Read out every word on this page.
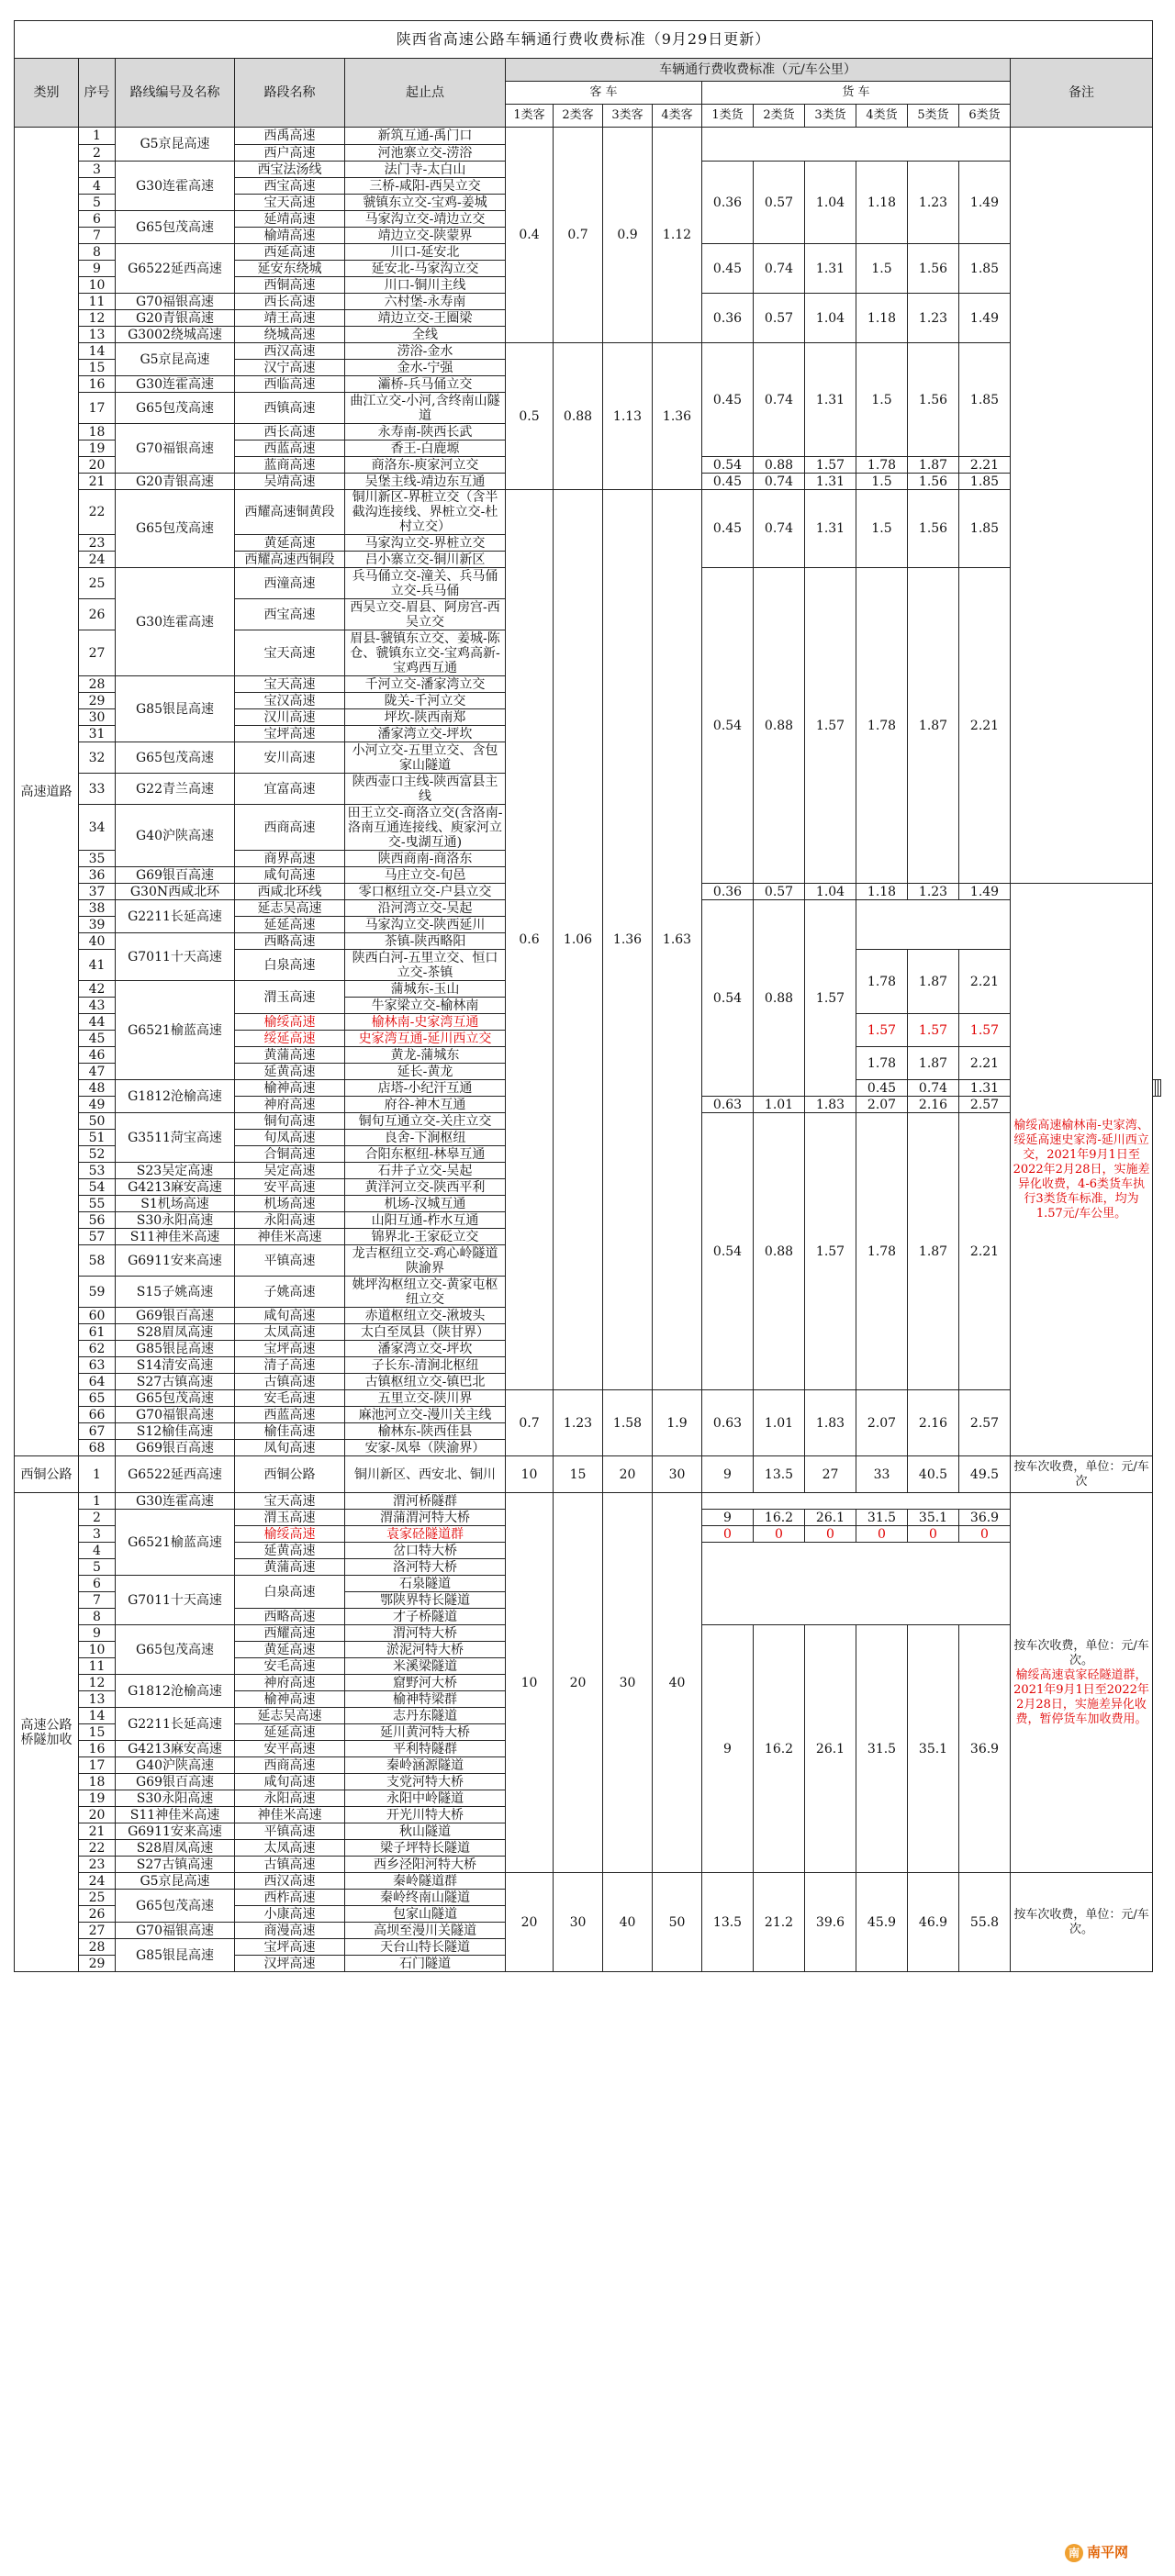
陕西省高速公路车辆通行费收费标准（9月29日更新）																		
类别	序号	路线编号及名称	路段名称	起止点	车辆通行费收费标准（元/车公里）										备注			
					客 车				货 车									
					1类客	2类客	3类客	4类客	1类货	2类货	3类货	4类货	5类货	6类货				
高速道路	1	G5京昆高速	西禹高速	新筑互通-禹门口	0.4	0.7	0.9	1.12										
	2		西户高速	河池寨立交-涝浴														
	3	G30连霍高速	西宝法汤线	法门寺-太白山					0.36	0.57	1.04	1.18	1.23	1.49				
	4		西宝高速	三桥-咸阳-西吴立交														
	5		宝天高速	虢镇东立交-宝鸡-姜城														
	6	G65包茂高速	延靖高速	马家沟立交-靖边立交														
	7		榆靖高速	靖边立交-陕蒙界														
	8	G6522延西高速	西延高速	川口-延安北					0.45	0.74	1.31	1.5	1.56	1.85				
	9		延安东绕城	延安北-马家沟立交														
	10		西铜高速	川口-铜川主线														
	11	G70福银高速	西长高速	六村堡-永寿南					0.36	0.57	1.04	1.18	1.23	1.49				
	12	G20青银高速	靖王高速	靖边立交-王圈梁														
	13	G3002绕城高速	绕城高速	全线														
	14	G5京昆高速	西汉高速	涝浴-金水	0.5	0.88	1.13	1.36	0.45	0.74	1.31	1.5	1.56	1.85				
	15		汉宁高速	金水-宁强														
	16	G30连霍高速	西临高速	灞桥-兵马俑立交														
	17	G65包茂高速	西镇高速	曲江立交-小河,含终南山隧道														
	18	G70福银高速	西长高速	永寿南-陕西长武														
	19		西蓝高速	香王-白鹿塬														
	20		蓝商高速	商洛东-庾家河立交					0.54	0.88	1.57	1.78	1.87	2.21				
	21	G20青银高速	吴靖高速	吴堡主线-靖边东互通					0.45	0.74	1.31	1.5	1.56	1.85				
	22	G65包茂高速	西耀高速铜黄段	铜川新区-界桩立交（含半截沟连接线、界桩立交-杜村立交）	0.6	1.06	1.36	1.63	0.45	0.74	1.31	1.5	1.56	1.85				
	23		黄延高速	马家沟立交-界桩立交														
	24		西耀高速西铜段	吕小寨立交-铜川新区														
	25	G30连霍高速	西潼高速	兵马俑立交-潼关、兵马俑立交-兵马俑					0.54	0.88	1.57	1.78	1.87	2.21				
	26		西宝高速	西吴立交-眉县、阿房宫-西吴立交														
	27		宝天高速	眉县-虢镇东立交、姜城-陈仓、虢镇东立交-宝鸡高新-宝鸡西互通														
	28	G85银昆高速	宝天高速	千河立交-潘家湾立交														
	29		宝汉高速	陇关-千河立交														
	30		汉川高速	坪坎-陕西南郑														
	31		宝坪高速	潘家湾立交-坪坎														
	32	G65包茂高速	安川高速	小河立交-五里立交、含包家山隧道														
	33	G22青兰高速	宜富高速	陕西壶口主线-陕西富县主线														
	34	G40沪陕高速	西商高速	田王立交-商洛立交(含洛南-洛南互通连接线、庾家河立交-曳湖互通)														
	35		商界高速	陕西商南-商洛东														
	36	G69银百高速	咸旬高速	马庄立交-旬邑														
	37	G30N西咸北环	西咸北环线	零口枢纽立交-户县立交					0.36	0.57	1.04	1.18	1.23	1.49	榆绥高速榆林南-史家湾、绥延高速史家湾-延川西立交，2021年9月1日至2022年2月28日，实施差异化收费，4-6类货车执行3类货车标准，均为1.57元/车公里。			
	38	G2211长延高速	延志吴高速	沿河湾立交-吴起					0.54	0.88	1.57							
	39		延延高速	马家沟立交-陕西延川														
	40	G7011十天高速	西略高速	茶镇-陕西略阳														
	41		白泉高速	陕西白河-五里立交、恒口立交-茶镇								1.78	1.87	2.21				
	42	G6521榆蓝高速	渭玉高速	蒲城东-玉山														
	43			牛家梁立交-榆林南														
	44		榆绥高速	榆林南-史家湾互通								1.57	1.57	1.57				
	45		绥延高速	史家湾互通-延川西立交														
	46		黄蒲高速	黄龙-蒲城东								1.78	1.87	2.21				
	47		延黄高速	延长-黄龙														
	48	G1812沧榆高速	榆神高速	店塔-小纪汗互通								0.45	0.74	1.31			
	49		神府高速	府谷-神木互通					0.63	1.01	1.83	2.07	2.16	2.57				
	50	G3511菏宝高速	铜旬高速	铜旬互通立交-关庄立交					0.54	0.88	1.57	1.78	1.87	2.21				
	51		旬凤高速	良舍-下涧枢纽														
	52		合铜高速	合阳东枢纽-林皋互通														
	53	S23吴定高速	吴定高速	石井子立交-吴起														
	54	G4213麻安高速	安平高速	黄洋河立交-陕西平利														
	55	S1机场高速	机场高速	机场-汉城互通														
	56	S30永阳高速	永阳高速	山阳互通-柞水互通														
	57	S11神佳米高速	神佳米高速	锦界北-王家砭立交														
	58	G6911安来高速	平镇高速	龙吉枢纽立交-鸡心岭隧道陕渝界														
	59	S15子姚高速	子姚高速	姚坪沟枢纽立交-黄家屯枢纽立交														
	60	G69银百高速	咸旬高速	赤道枢纽立交-湫坡头														
	61	S28眉凤高速	太凤高速	太白至凤县（陕甘界）														
	62	G85银昆高速	宝坪高速	潘家湾立交-坪坎														
	63	S14清安高速	清子高速	子长东-清涧北枢纽														
	64	S27古镇高速	古镇高速	古镇枢纽立交-镇巴北														
	65	G65包茂高速	安毛高速	五里立交-陕川界	0.7	1.23	1.58	1.9	0.63	1.01	1.83	2.07	2.16	2.57				
	66	G70福银高速	西蓝高速	麻池河立交-漫川关主线														
	67	S12榆佳高速	榆佳高速	榆林东-陕西佳县														
	68	G69银百高速	凤旬高速	安家-凤皋（陕渝界）														
西铜公路	1	G6522延西高速	西铜公路	铜川新区、西安北、铜川	10	15	20	30	9	13.5	27	33	40.5	49.5	按车次收费，单位：元/车次			
高速公路桥隧加收	1	G30连霍高速	宝天高速	渭河桥隧群	10	20	30	40							按车次收费，单位：元/车次。
榆绥高速袁家硁隧道群，2021年9月1日至2022年2月28日，实施差异化收费，暂停货车加收费用。			
	2	G6521榆蓝高速	渭玉高速	渭蒲渭河特大桥					9	16.2	26.1	31.5	35.1	36.9				
	3		榆绥高速	袁家硁隧道群					0	0	0	0	0	0				
	4		延黄高速	岔口特大桥														
	5		黄蒲高速	洛河特大桥														
	6	G7011十天高速	白泉高速	石泉隧道														
	7			鄂陕界特长隧道														
	8		西略高速	才子桥隧道														
	9	G65包茂高速	西耀高速	渭河特大桥					9	16.2	26.1	31.5	35.1	36.9				
	10		黄延高速	淤泥河特大桥														
	11		安毛高速	米溪梁隧道														
	12	G1812沧榆高速	神府高速	窟野河大桥														
	13		榆神高速	榆神特梁群														
	14	G2211长延高速	延志吴高速	志丹东隧道														
	15		延延高速	延川黄河特大桥														
	16	G4213麻安高速	安平高速	平利特隧群														
	17	G40沪陕高速	西商高速	秦岭涵源隧道														
	18	G69银百高速	咸旬高速	支党河特大桥														
	19	S30永阳高速	永阳高速	永阳中岭隧道														
	20	S11神佳米高速	神佳米高速	开光川特大桥														
	21	G6911安来高速	平镇高速	秋山隧道														
	22	S28眉凤高速	太凤高速	梁子坪特长隧道														
	23	S27古镇高速	古镇高速	西乡泾阳河特大桥														
	24	G5京昆高速	西汉高速	秦岭隧道群	20	30	40	50	13.5	21.2	39.6	45.9	46.9	55.8	按车次收费，单位：元/车次。			
	25	G65包茂高速	西柞高速	秦岭终南山隧道														
	26		小康高速	包家山隧道														
	27	G70福银高速	商漫高速	高坝至漫川关隧道														
	28	G85银昆高速	宝坪高速	天台山特长隧道														
	29		汉坪高速	石门隧道														
南 南平网
